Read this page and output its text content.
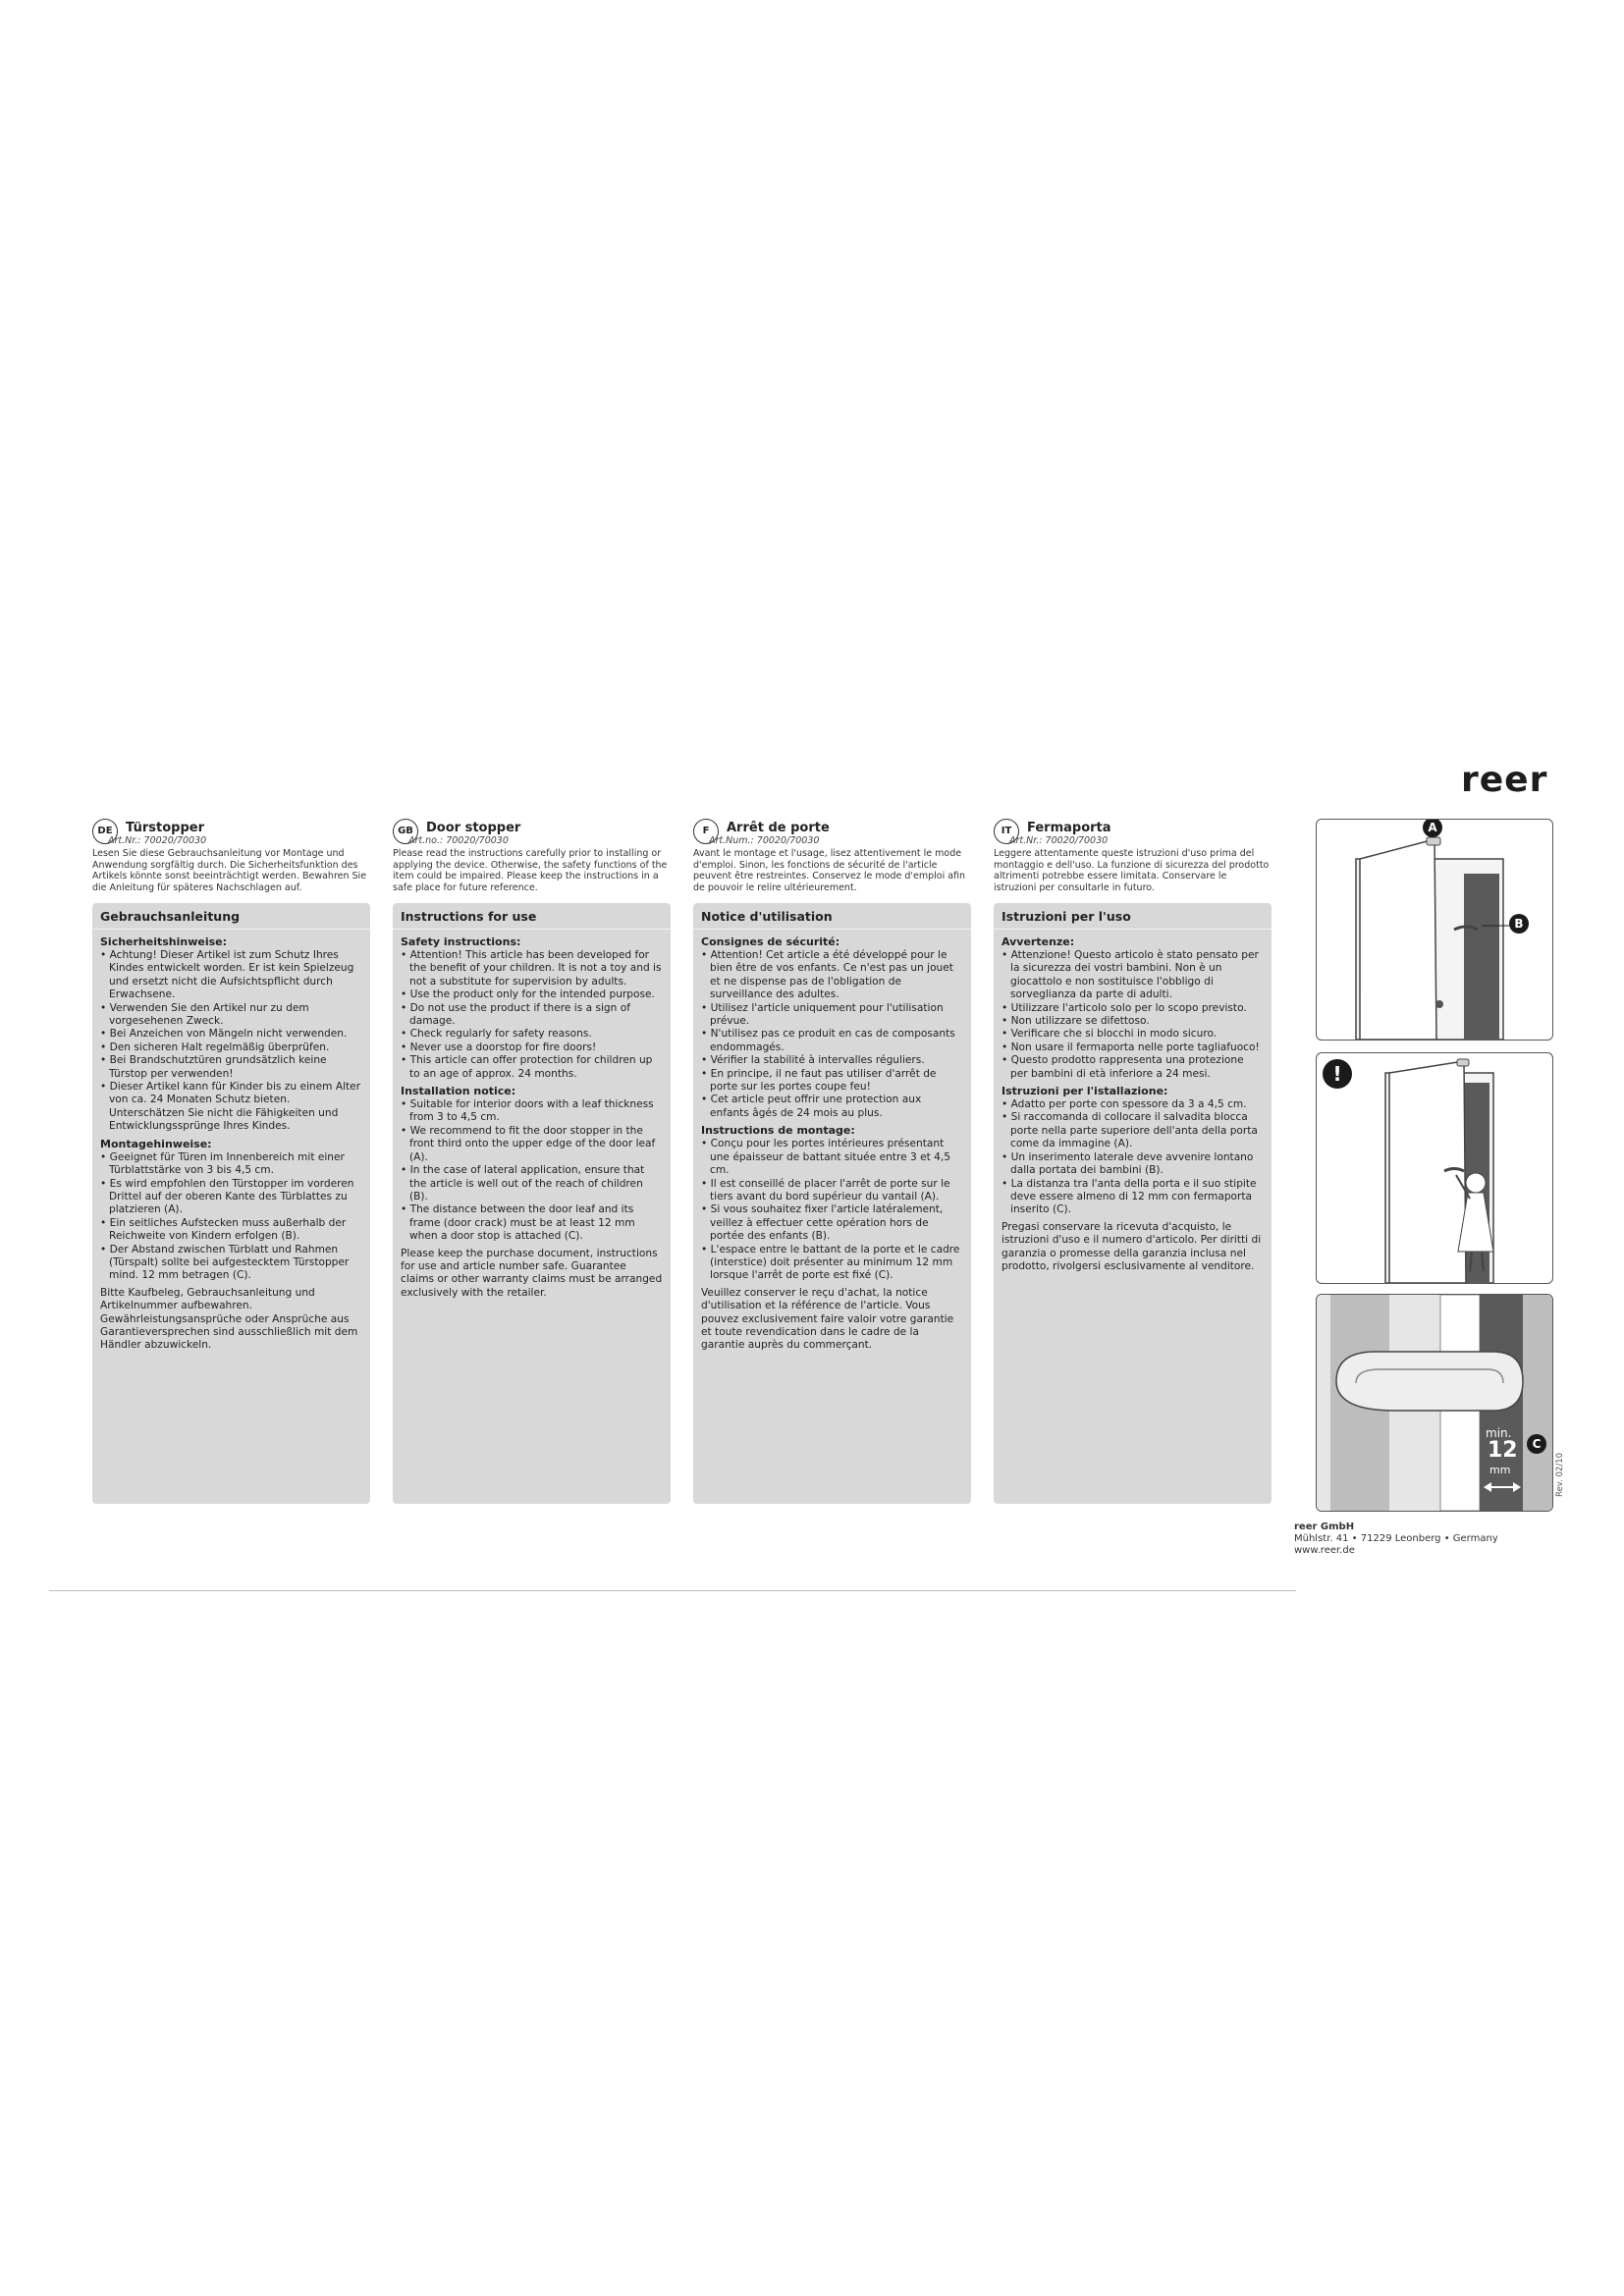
reer
DE	Türstopper
Art.Nr.: 70020/70030
Lesen Sie diese Gebrauchsanleitung vor Montage und Anwendung sorgfältig durch. Die Sicherheitsfunktion des Artikels könnte sonst beeinträchtigt werden. Bewahren Sie die Anleitung für späteres Nachschlagen auf.
Gebrauchsanleitung
Sicherheitshinweise:
• Achtung! Dieser Artikel ist zum Schutz Ihres Kindes entwickelt worden. Er ist kein Spielzeug und ersetzt nicht die Aufsichtspflicht durch Erwachsene.
• Verwenden Sie den Artikel nur zu dem vorgesehenen Zweck.
• Bei Anzeichen von Mängeln nicht verwenden.
• Den sicheren Halt regelmäßig überprüfen.
• Bei Brandschutztüren grundsätzlich keine Türstop per verwenden!
• Dieser Artikel kann für Kinder bis zu einem Alter von ca. 24 Monaten Schutz bieten. Unterschätzen Sie nicht die Fähigkeiten und Entwicklungssprünge Ihres Kindes.
Montagehinweise:
• Geeignet für Türen im Innenbereich mit einer Türblattstärke von 3 bis 4,5 cm.
• Es wird empfohlen den Türstopper im vorderen Drittel auf der oberen Kante des Türblattes zu platzieren (A).
• Ein seitliches Aufstecken muss außerhalb der Reichweite von Kindern erfolgen (B).
• Der Abstand zwischen Türblatt und Rahmen (Türspalt) sollte bei aufgestecktem Türstopper mind. 12 mm betragen (C).

Bitte Kaufbeleg, Gebrauchsanleitung und Artikelnummer aufbewahren. Gewährleistungsansprüche oder Ansprüche aus Garantieversprechen sind ausschließlich mit dem Händler abzuwickeln.

GB	Door stopper
Art.no.: 70020/70030
Please read the instructions carefully prior to installing or applying the device. Otherwise, the safety functions of the item could be impaired. Please keep the instructions in a safe place for future reference.
Instructions for use
Safety instructions:
• Attention! This article has been developed for the benefit of your children. It is not a toy and is not a substitute for supervision by adults.
• Use the product only for the intended purpose.
• Do not use the product if there is a sign of damage.
• Check regularly for safety reasons.
• Never use a doorstop for fire doors!
• This article can offer protection for children up to an age of approx. 24 months.
Installation notice:
• Suitable for interior doors with a leaf thickness from 3 to 4,5 cm.
• We recommend to fit the door stopper in the front third onto the upper edge of the door leaf (A).
• In the case of lateral application, ensure that the article is well out of the reach of children (B).
• The distance between the door leaf and its frame (door crack) must be at least 12 mm when a door stop is attached (C).

Please keep the purchase document, instructions for use and article number safe. Guarantee claims or other warranty claims must be arranged exclusively with the retailer.

F	Arrêt de porte
Art.Num.: 70020/70030
Avant le montage et l'usage, lisez attentivement le mode d'emploi. Sinon, les fonctions de sécurité de l'article peuvent être restreintes. Conservez le mode d'emploi afin de pouvoir le relire ultérieurement.
Notice d'utilisation
Consignes de sécurité:
• Attention! Cet article a été développé pour le bien être de vos enfants. Ce n'est pas un jouet et ne dispense pas de l'obligation de surveillance des adultes.
• Utilisez l'article uniquement pour l'utilisation prévue.
• N'utilisez pas ce produit en cas de composants endommagés.
• Vérifier la stabilité à intervalles réguliers.
• En principe, il ne faut pas utiliser d'arrêt de porte sur les portes coupe feu!
• Cet article peut offrir une protection aux enfants âgés de 24 mois au plus.
Instructions de montage:
• Conçu pour les portes intérieures présentant une épaisseur de battant située entre 3 et 4,5 cm.
• Il est conseillé de placer l'arrêt de porte sur le tiers avant du bord supérieur du vantail (A).
• Si vous souhaitez fixer l'article latéralement, veillez à effectuer cette opération hors de portée des enfants (B).
• L'espace entre le battant de la porte et le cadre (interstice) doit présenter au minimum 12 mm lorsque l'arrêt de porte est fixé (C).

Veuillez conserver le reçu d'achat, la notice d'utilisation et la référence de l'article. Vous pouvez exclusivement faire valoir votre garantie et toute revendication dans le cadre de la garantie auprès du commerçant.

IT	Fermaporta
Art.Nr.: 70020/70030
Leggere attentamente queste istruzioni d'uso prima del montaggio e dell'uso. La funzione di sicurezza del prodotto altrimenti potrebbe essere limitata. Conservare le istruzioni per consultarle in futuro.
Istruzioni per l'uso
Avvertenze:
• Attenzione! Questo articolo è stato pensato per la sicurezza dei vostri bambini. Non è un giocattolo e non sostituisce l'obbligo di sorveglianza da parte di adulti.
• Utilizzare l'articolo solo per lo scopo previsto.
• Non utilizzare se difettoso.
• Verificare che si blocchi in modo sicuro.
• Non usare il fermaporta nelle porte tagliafuoco!
• Questo prodotto rappresenta una protezione per bambini di età inferiore a 24 mesi.
Istruzioni per l'istallazione:
• Adatto per porte con spessore da 3 a 4,5 cm.
• Si raccomanda di collocare il salvadita blocca porte nella parte superiore dell'anta della porta come da immagine (A).
• Un inserimento laterale deve avvenire lontano dalla portata dei bambini (B).
• La distanza tra l'anta della porta e il suo stipite deve essere almeno di 12 mm con fermaporta inserito (C).

Pregasi conservare la ricevuta d'acquisto, le istruzioni d'uso e il numero d'articolo. Per diritti di garanzia o promesse della garanzia inclusa nel prodotto, rivolgersi esclusivamente al venditore.

A
B
!
min.
12
mm
C
Rev. 02/10
reer GmbH
Mühlstr. 41 • 71229 Leonberg • Germany
www.reer.de
